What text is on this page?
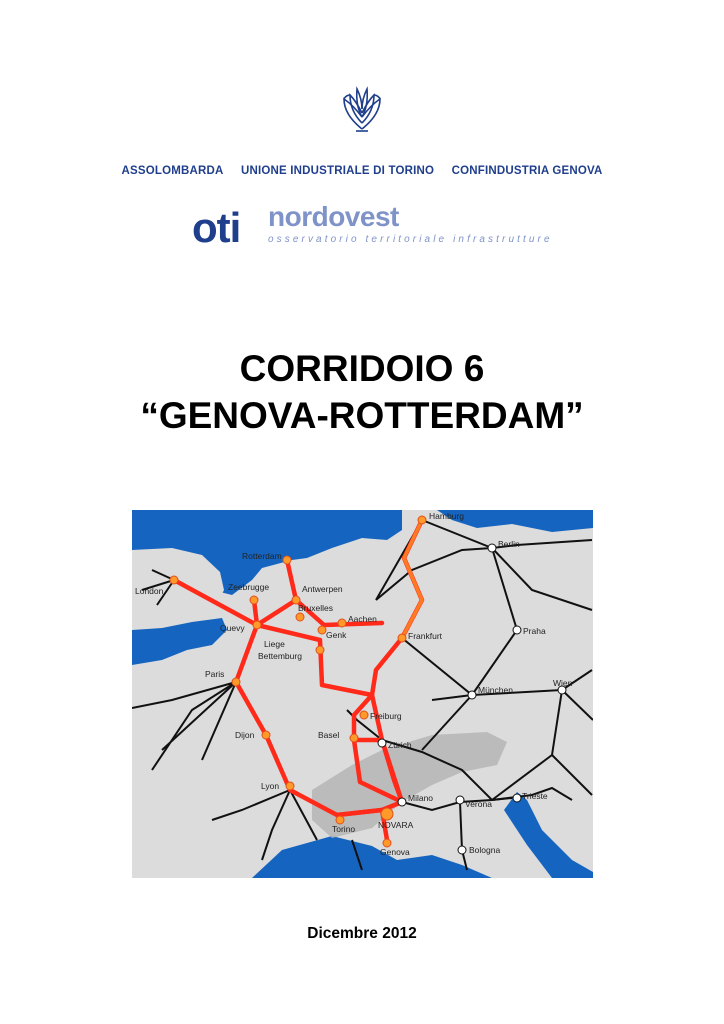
ASSOLOMBARDA UNIONE INDUSTRIALE DI TORINO CONFINDUSTRIA GENOVA

oti nordovest
osservatorio territoriale infrastrutture
CORRIDOIO 6
“GENOVA-ROTTERDAM”
Hamburg
Berlin
Rotterdam
London	Zeebrugge	Antwerpen
Bruxelles
Aachen
Quevy
Genk
Liege
Bettemburg
Frankfurt	Praha
Paris
München
Wien
Freiburg
Dijon	Basel
Zürich
Lyon
Milano
Verona
Trieste
Torino	NOVARA
Bologna
Genova
Dicembre 2012
